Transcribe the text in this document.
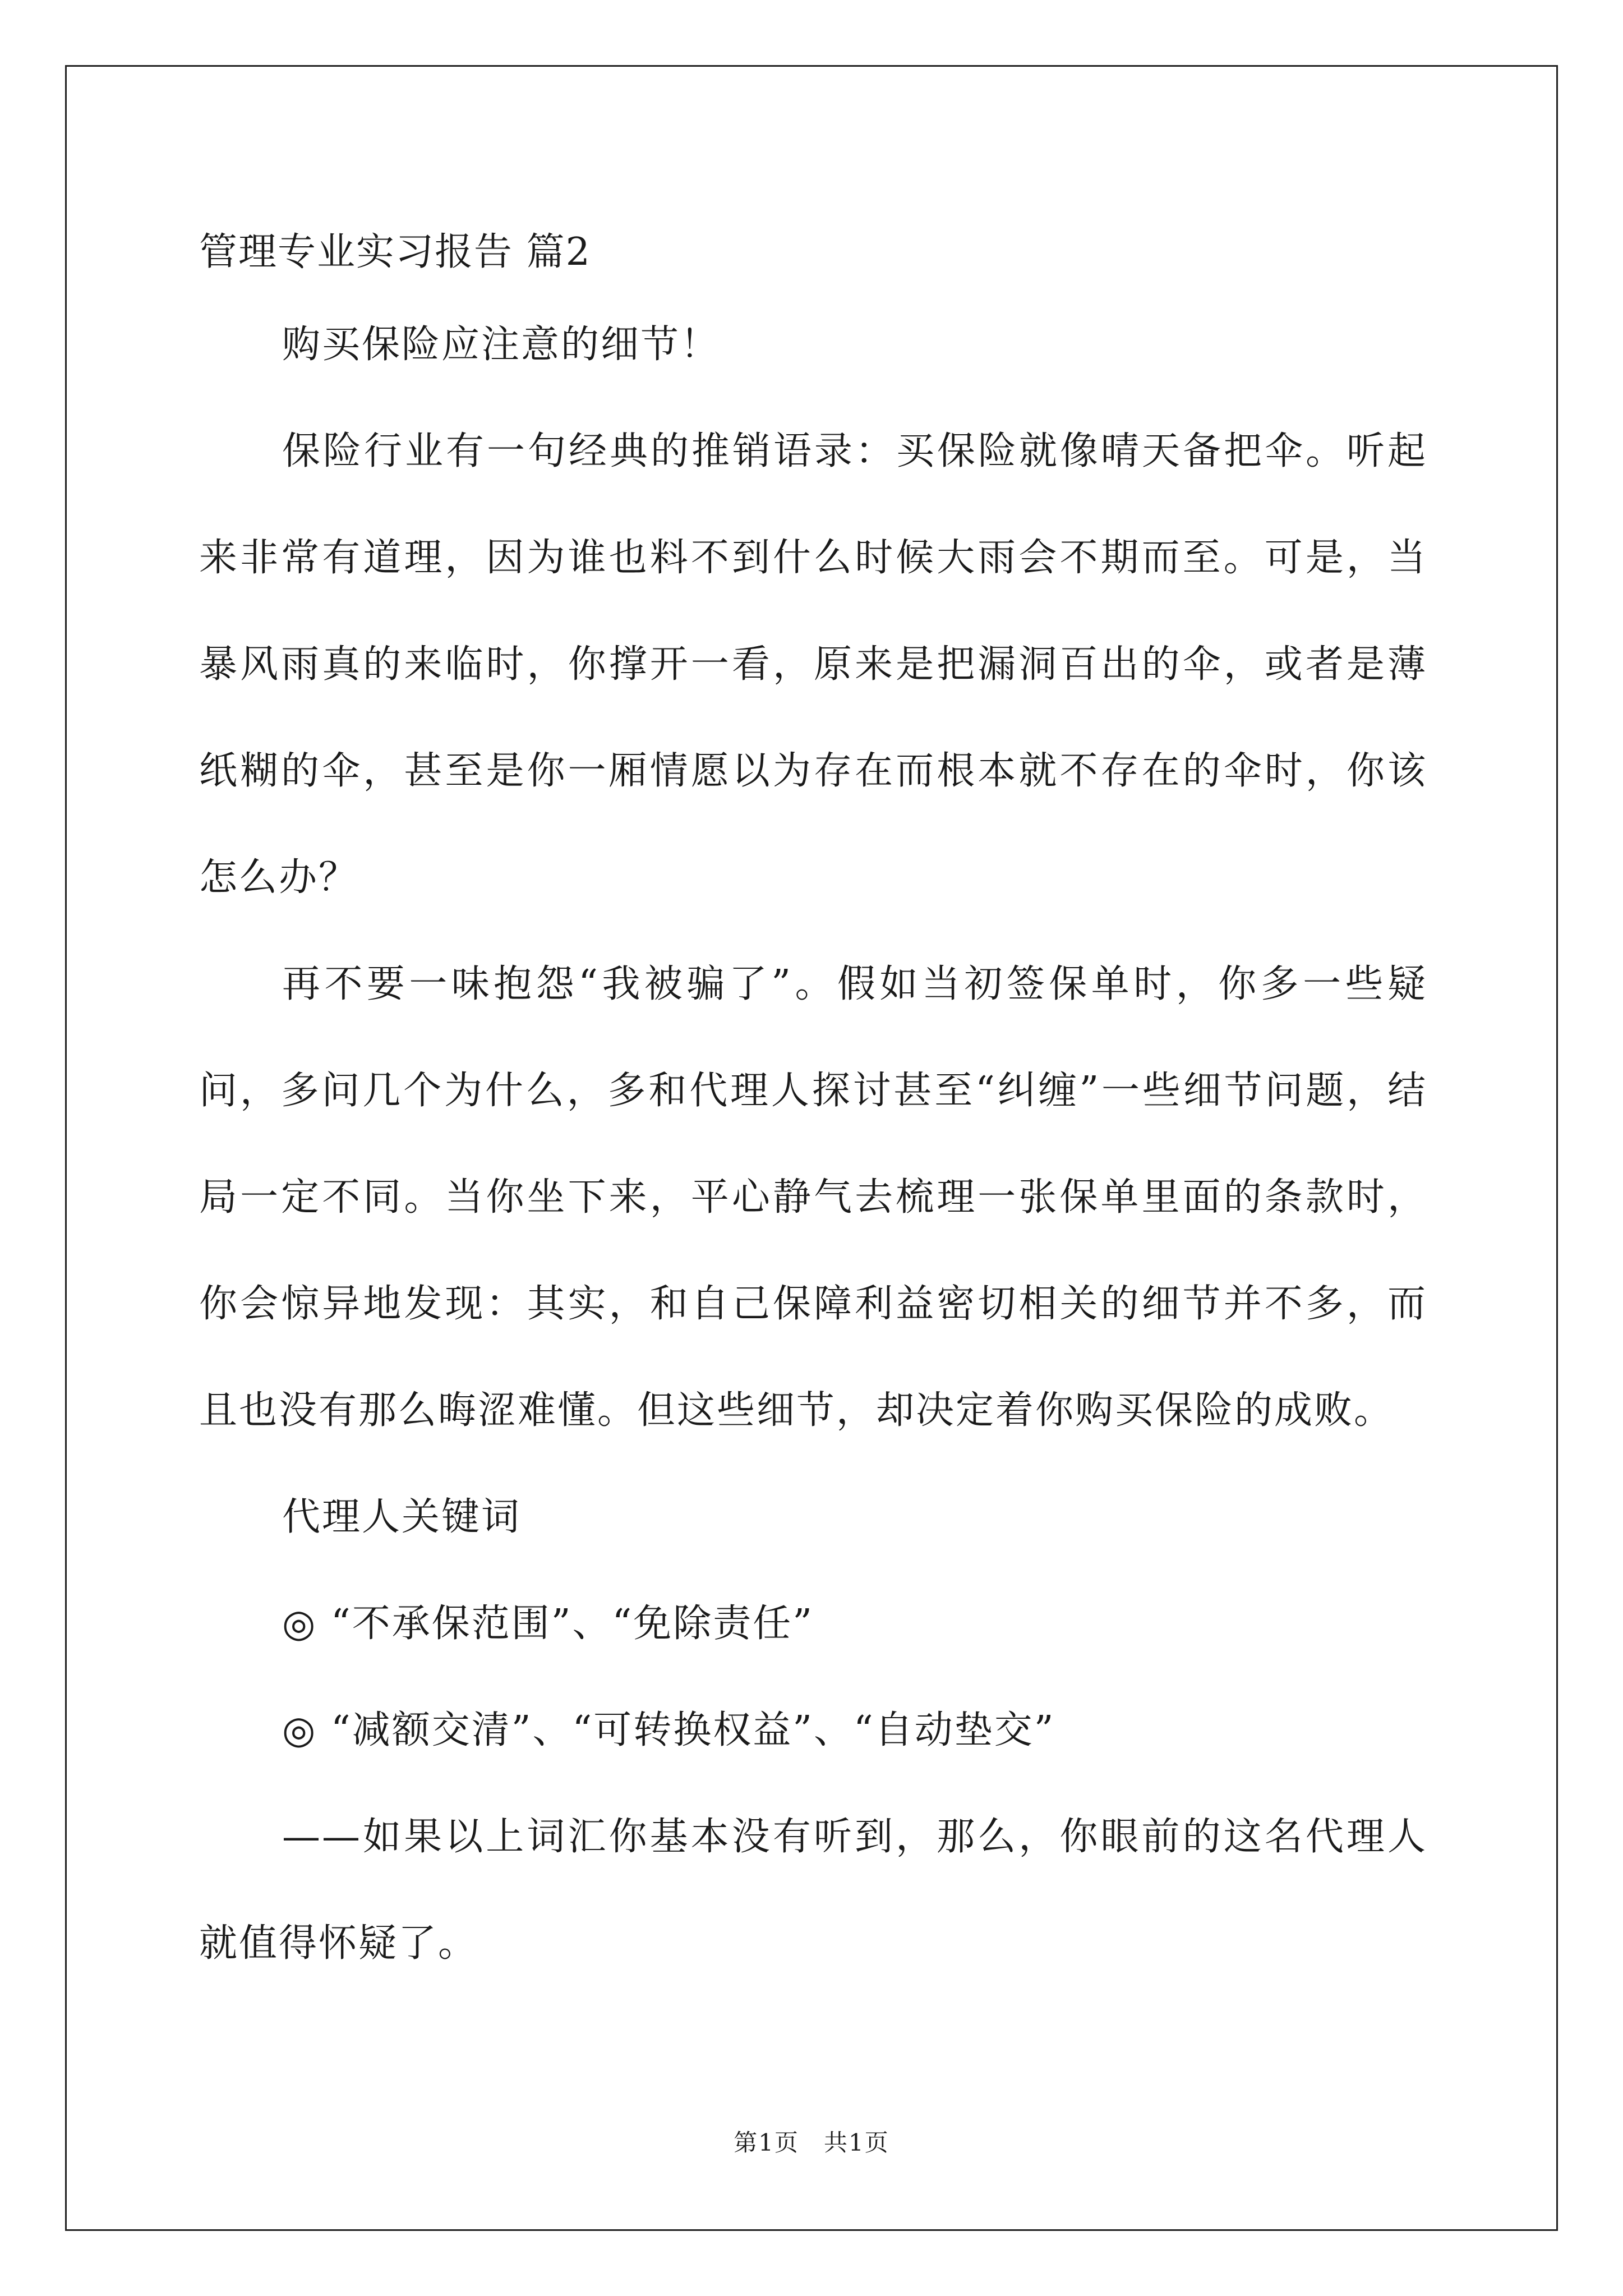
管理专业实习报告 篇2

购买保险应注意的细节！

保险行业有一句经典的推销语录：买保险就像晴天备把伞。听起来非常有道理，因为谁也料不到什么时候大雨会不期而至。可是，当暴风雨真的来临时，你撑开一看，原来是把漏洞百出的伞，或者是薄纸糊的伞，甚至是你一厢情愿以为存在而根本就不存在的伞时，你该怎么办？

再不要一味抱怨“我被骗了”。假如当初签保单时，你多一些疑问，多问几个为什么，多和代理人探讨甚至“纠缠”一些细节问题，结局一定不同。当你坐下来，平心静气去梳理一张保单里面的条款时，你会惊异地发现：其实，和自己保障利益密切相关的细节并不多，而且也没有那么晦涩难懂。但这些细节，却决定着你购买保险的成败。

代理人关键词

◎ “不承保范围”、“免除责任”

◎ “减额交清”、“可转换权益”、“自动垫交”

——如果以上词汇你基本没有听到，那么，你眼前的这名代理人就值得怀疑了。

第1页　共1页
